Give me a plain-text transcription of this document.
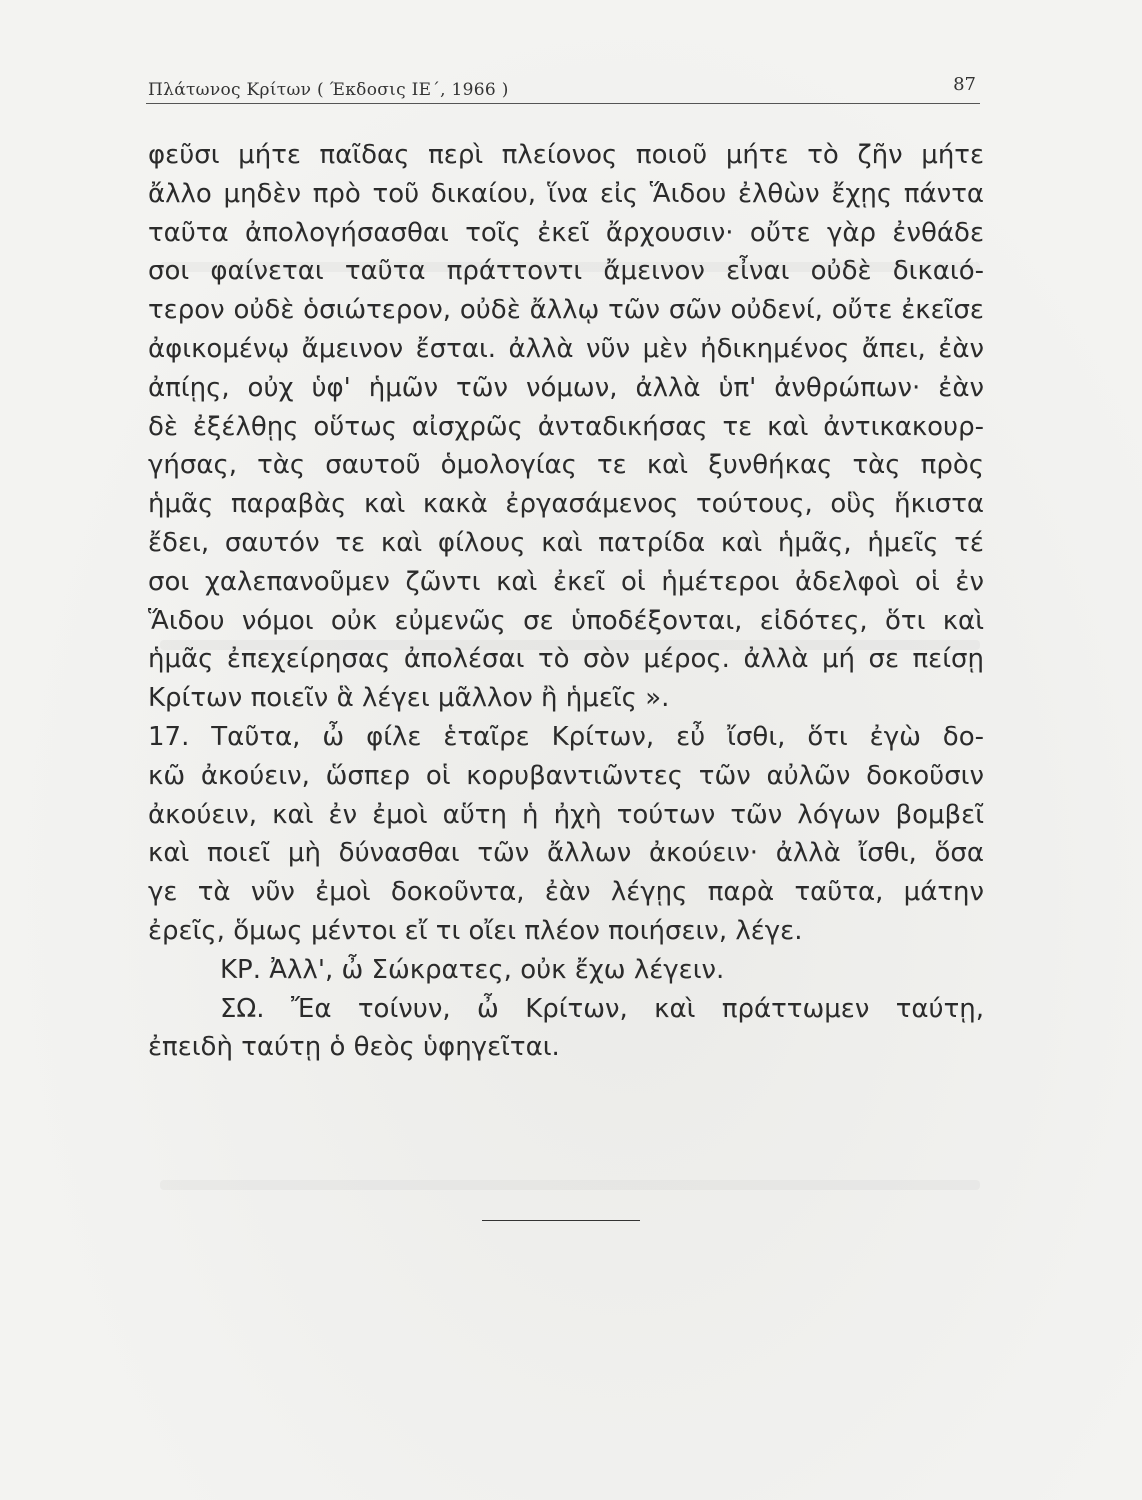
Πλάτωνος Κρίτων ( Έκδοσις ΙΕ΄, 1966 )	87
φεῦσι μήτε παῖδας περὶ πλείονος ποιοῦ μήτε τὸ ζῆν μήτε
ἄλλο μηδὲν πρὸ τοῦ δικαίου, ἵνα εἰς Ἅιδου ἐλθὼν ἔχῃς πάντα
ταῦτα ἀπολογήσασθαι τοῖς ἐκεῖ ἄρχουσιν· οὔτε γὰρ ἐνθάδε
σοι φαίνεται ταῦτα πράττοντι ἄμεινον εἶναι οὐδὲ δικαιό-
τερον οὐδὲ ὁσιώτερον, οὐδὲ ἄλλῳ τῶν σῶν οὐδενί, οὔτε ἐκεῖσε
ἀφικομένῳ ἄμεινον ἔσται. ἀλλὰ νῦν μὲν ἠδικημένος ἄπει, ἐὰν
ἀπίῃς, οὐχ ὑφ' ἡμῶν τῶν νόμων, ἀλλὰ ὑπ' ἀνθρώπων· ἐὰν
δὲ ἐξέλθῃς οὕτως αἰσχρῶς ἀνταδικήσας τε καὶ ἀντικακουρ-
γήσας, τὰς σαυτοῦ ὁμολογίας τε καὶ ξυνθήκας τὰς πρὸς
ἡμᾶς παραβὰς καὶ κακὰ ἐργασάμενος τούτους, οὓς ἥκιστα
ἔδει, σαυτόν τε καὶ φίλους καὶ πατρίδα καὶ ἡμᾶς, ἡμεῖς τέ
σοι χαλεπανοῦμεν ζῶντι καὶ ἐκεῖ οἱ ἡμέτεροι ἀδελφοὶ οἱ ἐν
Ἅιδου νόμοι οὐκ εὐμενῶς σε ὑποδέξονται, εἰδότες, ὅτι καὶ
ἡμᾶς ἐπεχείρησας ἀπολέσαι τὸ σὸν μέρος. ἀλλὰ μή σε πείσῃ
Κρίτων ποιεῖν ἃ λέγει μᾶλλον ἢ ἡμεῖς ».
17. Ταῦτα, ὦ φίλε ἑταῖρε Κρίτων, εὖ ἴσθι, ὅτι ἐγὼ δο-
κῶ ἀκούειν, ὥσπερ οἱ κορυβαντιῶντες τῶν αὐλῶν δοκοῦσιν
ἀκούειν, καὶ ἐν ἐμοὶ αὕτη ἡ ἠχὴ τούτων τῶν λόγων βομβεῖ
καὶ ποιεῖ μὴ δύνασθαι τῶν ἄλλων ἀκούειν· ἀλλὰ ἴσθι, ὅσα
γε τὰ νῦν ἐμοὶ δοκοῦντα, ἐὰν λέγῃς παρὰ ταῦτα, μάτην
ἐρεῖς, ὅμως μέντοι εἴ τι οἴει πλέον ποιήσειν, λέγε.
ΚΡ. Ἀλλ', ὦ Σώκρατες, οὐκ ἔχω λέγειν.
ΣΩ. Ἔα τοίνυν, ὦ Κρίτων, καὶ πράττωμεν ταύτῃ,
ἐπειδὴ ταύτῃ ὁ θεὸς ὑφηγεῖται.
